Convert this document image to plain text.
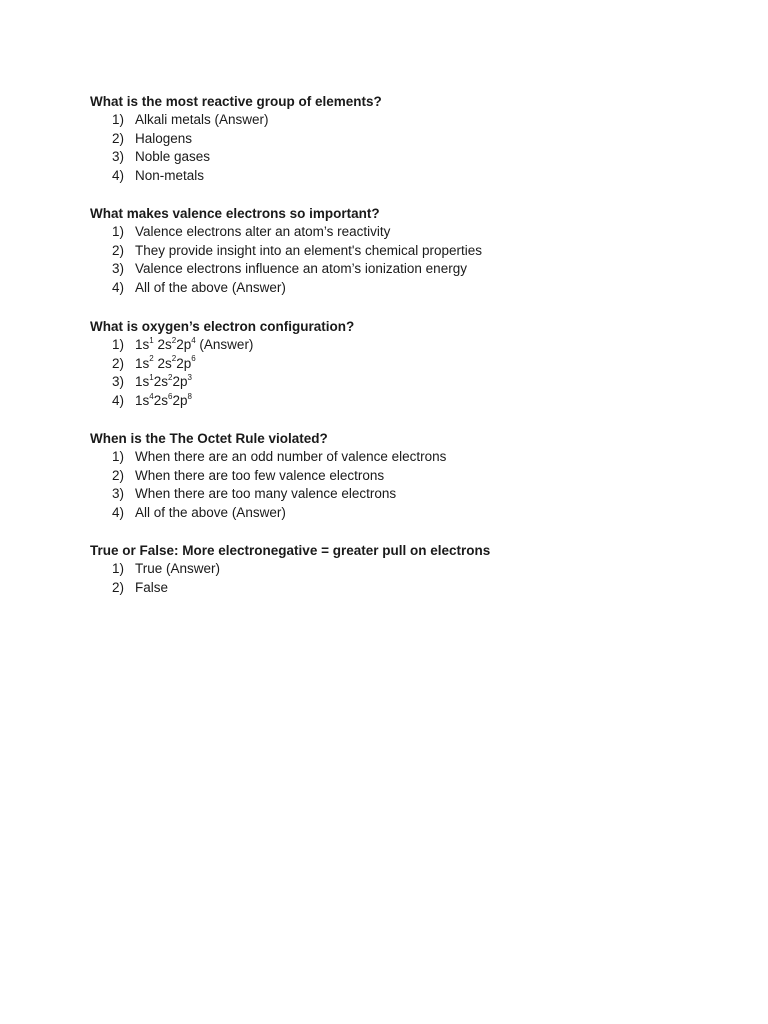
What is the most reactive group of elements?
1) Alkali metals (Answer)
2) Halogens
3) Noble gases
4) Non-metals
What makes valence electrons so important?
1) Valence electrons alter an atom’s reactivity
2) They provide insight into an element's chemical properties
3) Valence electrons influence an atom’s ionization energy
4) All of the above (Answer)
What is oxygen’s electron configuration?
1) $1s^1$ $2s^22p^4$ (Answer)
2) $1s^2$ $2s^22p^6$
3) $1s^12s^22p^3$
4) $1s^42s^62p^8$
When is the The Octet Rule violated?
1) When there are an odd number of valence electrons
2) When there are too few valence electrons
3) When there are too many valence electrons
4) All of the above (Answer)
True or False: More electronegative = greater pull on electrons
1) True (Answer)
2) False
